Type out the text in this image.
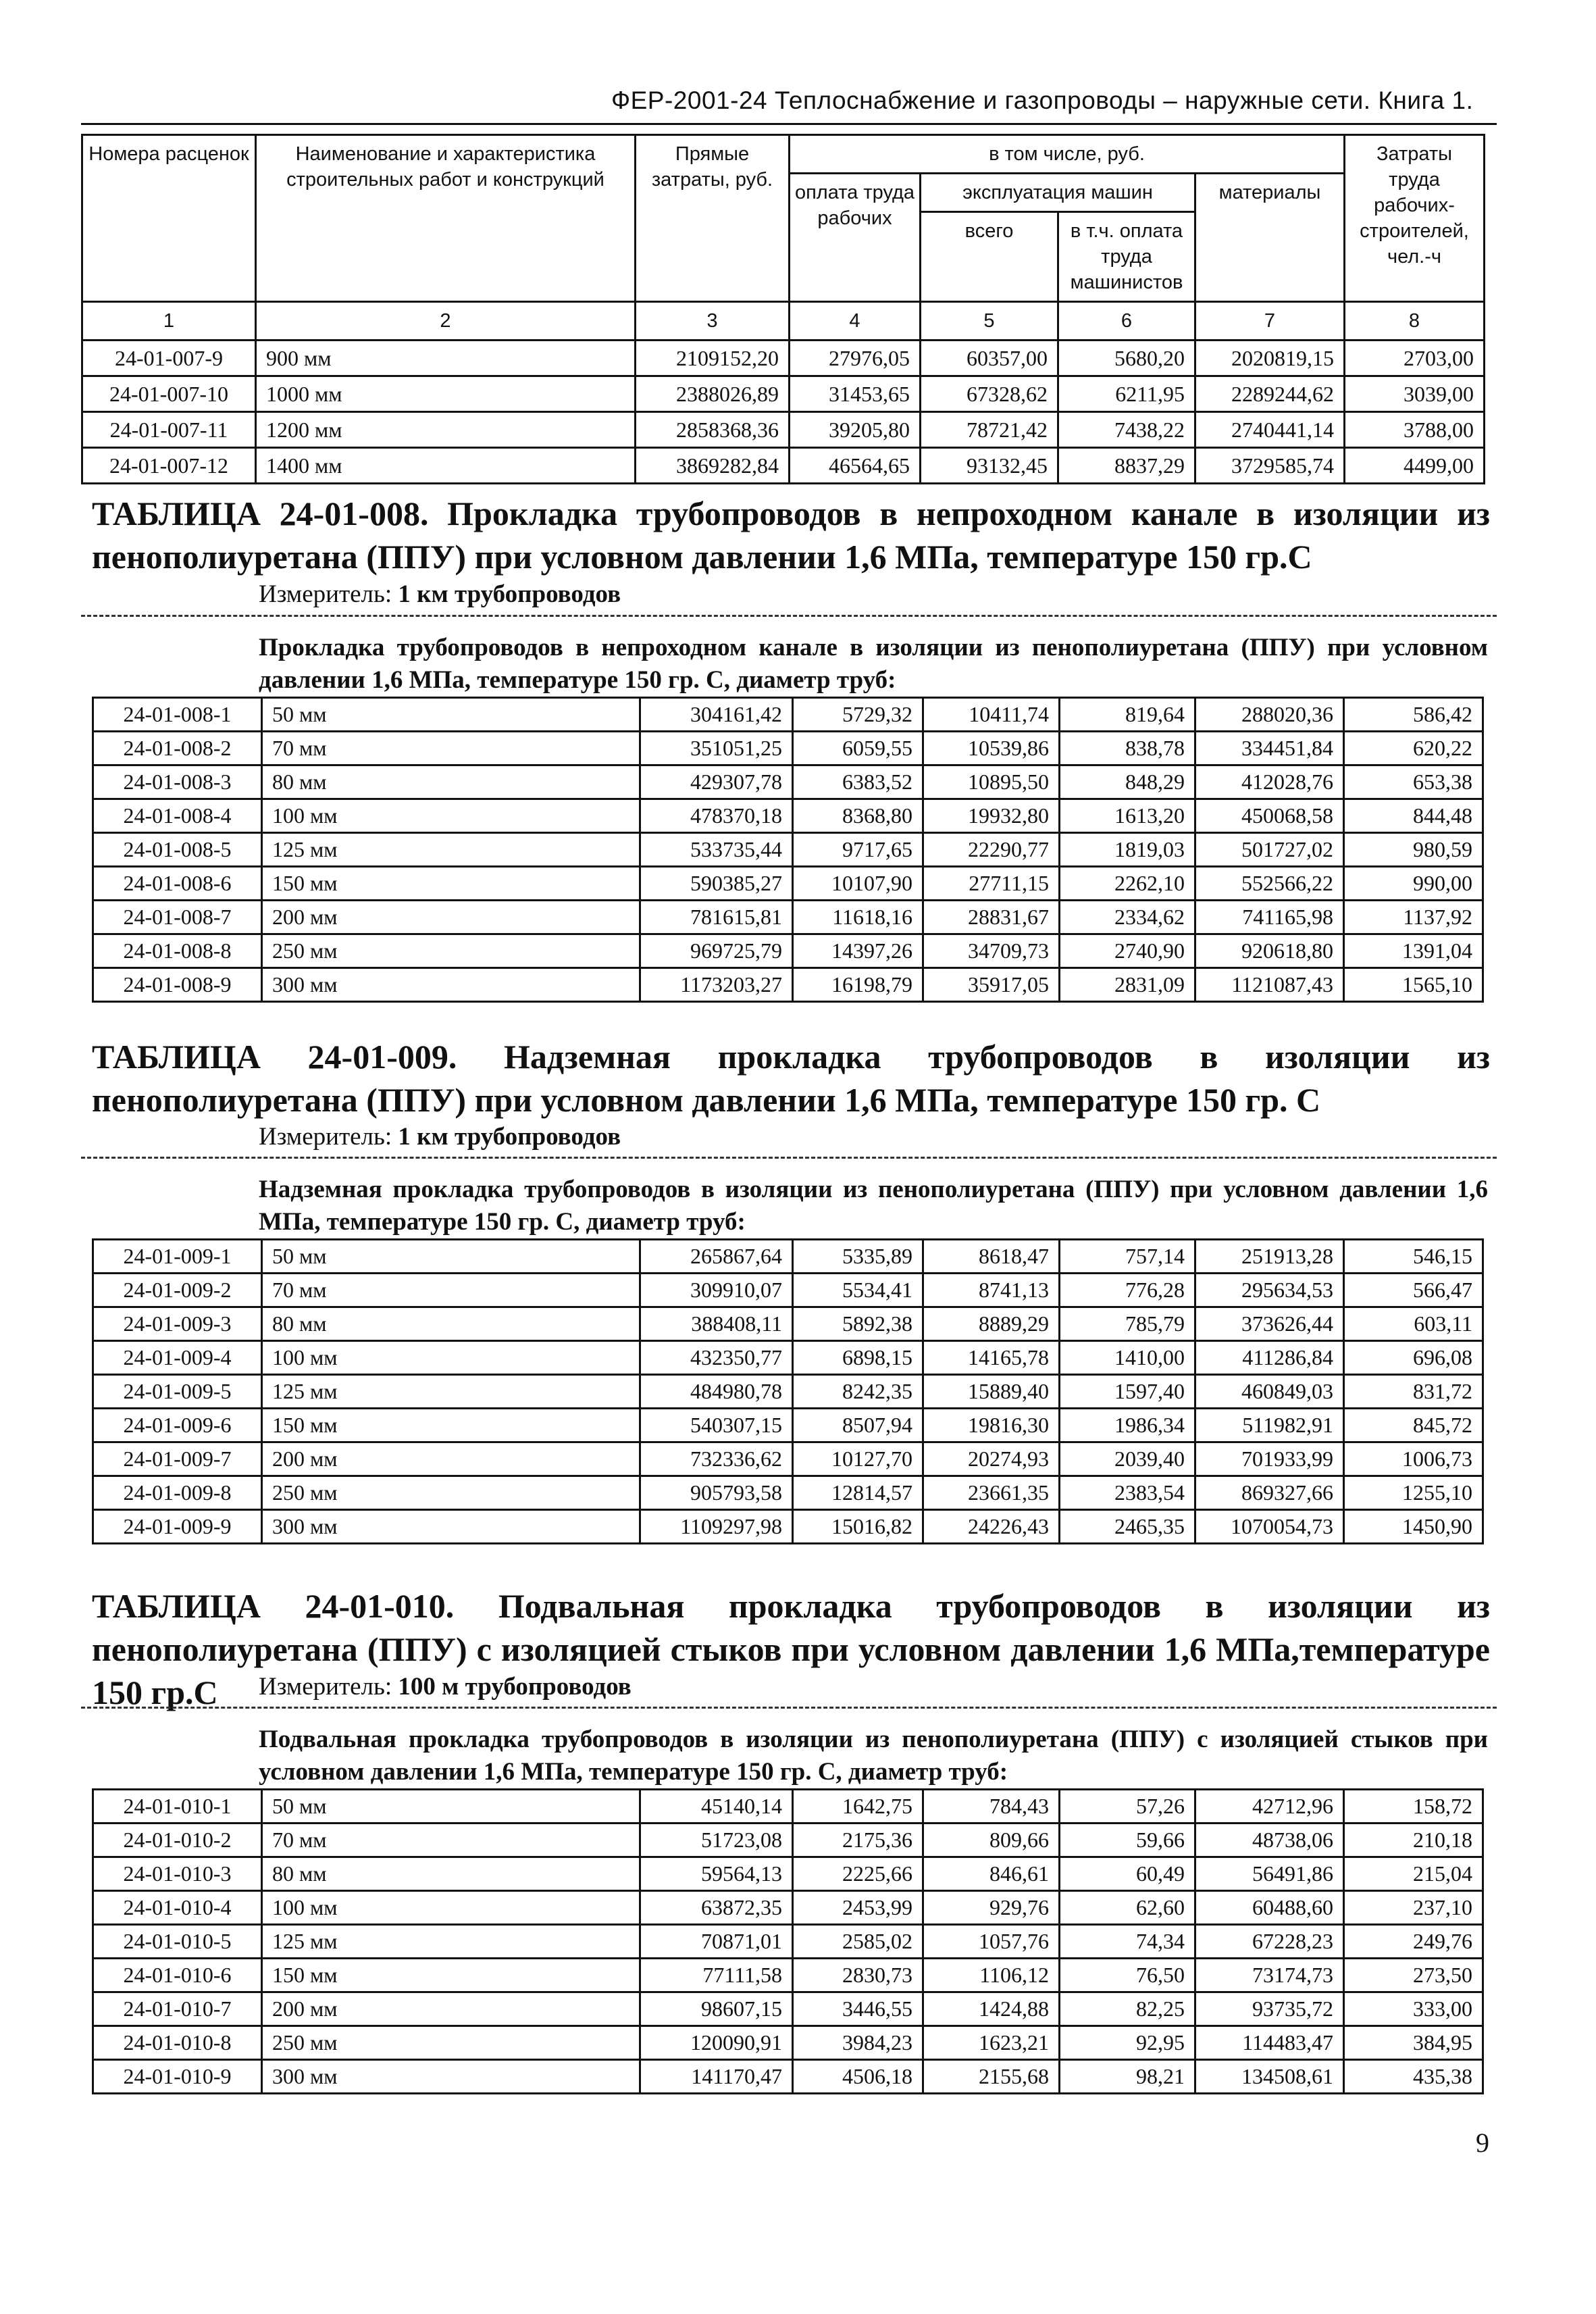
ФЕР-2001-24 Теплоснабжение и газопроводы – наружные сети. Книга 1.
Номера расценок	Наименование и характеристика строительных работ и конструкций	Прямые затраты, руб.	в том числе, руб.				Затраты труда рабочих-строителей, чел.-ч
			оплата труда рабочих	эксплуатация машин		материалы	
				всего	в т.ч. оплата труда машинистов		
1	2	3	4	5	6	7	8
24-01-007-9	900 мм	2109152,20	27976,05	60357,00	5680,20	2020819,15	2703,00
24-01-007-10	1000 мм	2388026,89	31453,65	67328,62	6211,95	2289244,62	3039,00
24-01-007-11	1200 мм	2858368,36	39205,80	78721,42	7438,22	2740441,14	3788,00
24-01-007-12	1400 мм	3869282,84	46564,65	93132,45	8837,29	3729585,74	4499,00
ТАБЛИЦА 24-01-008. Прокладка трубопроводов в непроходном канале в изоляции из пенополиуретана (ППУ) при условном давлении 1,6 МПа, температуре 150 гр.С
Измеритель: 1 км трубопроводов
Прокладка трубопроводов в непроходном канале в изоляции из пенополиуретана (ППУ) при условном давлении 1,6 МПа, температуре 150 гр. С, диаметр труб:
24-01-008-1	50 мм	304161,42	5729,32	10411,74	819,64	288020,36	586,42
24-01-008-2	70 мм	351051,25	6059,55	10539,86	838,78	334451,84	620,22
24-01-008-3	80 мм	429307,78	6383,52	10895,50	848,29	412028,76	653,38
24-01-008-4	100 мм	478370,18	8368,80	19932,80	1613,20	450068,58	844,48
24-01-008-5	125 мм	533735,44	9717,65	22290,77	1819,03	501727,02	980,59
24-01-008-6	150 мм	590385,27	10107,90	27711,15	2262,10	552566,22	990,00
24-01-008-7	200 мм	781615,81	11618,16	28831,67	2334,62	741165,98	1137,92
24-01-008-8	250 мм	969725,79	14397,26	34709,73	2740,90	920618,80	1391,04
24-01-008-9	300 мм	1173203,27	16198,79	35917,05	2831,09	1121087,43	1565,10
ТАБЛИЦА 24-01-009. Надземная прокладка трубопроводов в изоляции из пенополиуретана (ППУ) при условном давлении 1,6 МПа, температуре 150 гр. С
Измеритель: 1 км трубопроводов
Надземная прокладка трубопроводов в изоляции из пенополиуретана (ППУ) при условном давлении 1,6 МПа, температуре 150 гр. С, диаметр труб:
24-01-009-1	50 мм	265867,64	5335,89	8618,47	757,14	251913,28	546,15
24-01-009-2	70 мм	309910,07	5534,41	8741,13	776,28	295634,53	566,47
24-01-009-3	80 мм	388408,11	5892,38	8889,29	785,79	373626,44	603,11
24-01-009-4	100 мм	432350,77	6898,15	14165,78	1410,00	411286,84	696,08
24-01-009-5	125 мм	484980,78	8242,35	15889,40	1597,40	460849,03	831,72
24-01-009-6	150 мм	540307,15	8507,94	19816,30	1986,34	511982,91	845,72
24-01-009-7	200 мм	732336,62	10127,70	20274,93	2039,40	701933,99	1006,73
24-01-009-8	250 мм	905793,58	12814,57	23661,35	2383,54	869327,66	1255,10
24-01-009-9	300 мм	1109297,98	15016,82	24226,43	2465,35	1070054,73	1450,90
ТАБЛИЦА 24-01-010. Подвальная прокладка трубопроводов в изоляции из пенополиуретана (ППУ) с изоляцией стыков при условном давлении 1,6 МПа,температуре 150 гр.С	Измеритель: 100 м трубопроводов
Подвальная прокладка трубопроводов в изоляции из пенополиуретана (ППУ) с изоляцией стыков при условном давлении 1,6 МПа, температуре 150 гр. С, диаметр труб:
24-01-010-1	50 мм	45140,14	1642,75	784,43	57,26	42712,96	158,72
24-01-010-2	70 мм	51723,08	2175,36	809,66	59,66	48738,06	210,18
24-01-010-3	80 мм	59564,13	2225,66	846,61	60,49	56491,86	215,04
24-01-010-4	100 мм	63872,35	2453,99	929,76	62,60	60488,60	237,10
24-01-010-5	125 мм	70871,01	2585,02	1057,76	74,34	67228,23	249,76
24-01-010-6	150 мм	77111,58	2830,73	1106,12	76,50	73174,73	273,50
24-01-010-7	200 мм	98607,15	3446,55	1424,88	82,25	93735,72	333,00
24-01-010-8	250 мм	120090,91	3984,23	1623,21	92,95	114483,47	384,95
24-01-010-9	300 мм	141170,47	4506,18	2155,68	98,21	134508,61	435,38
9
